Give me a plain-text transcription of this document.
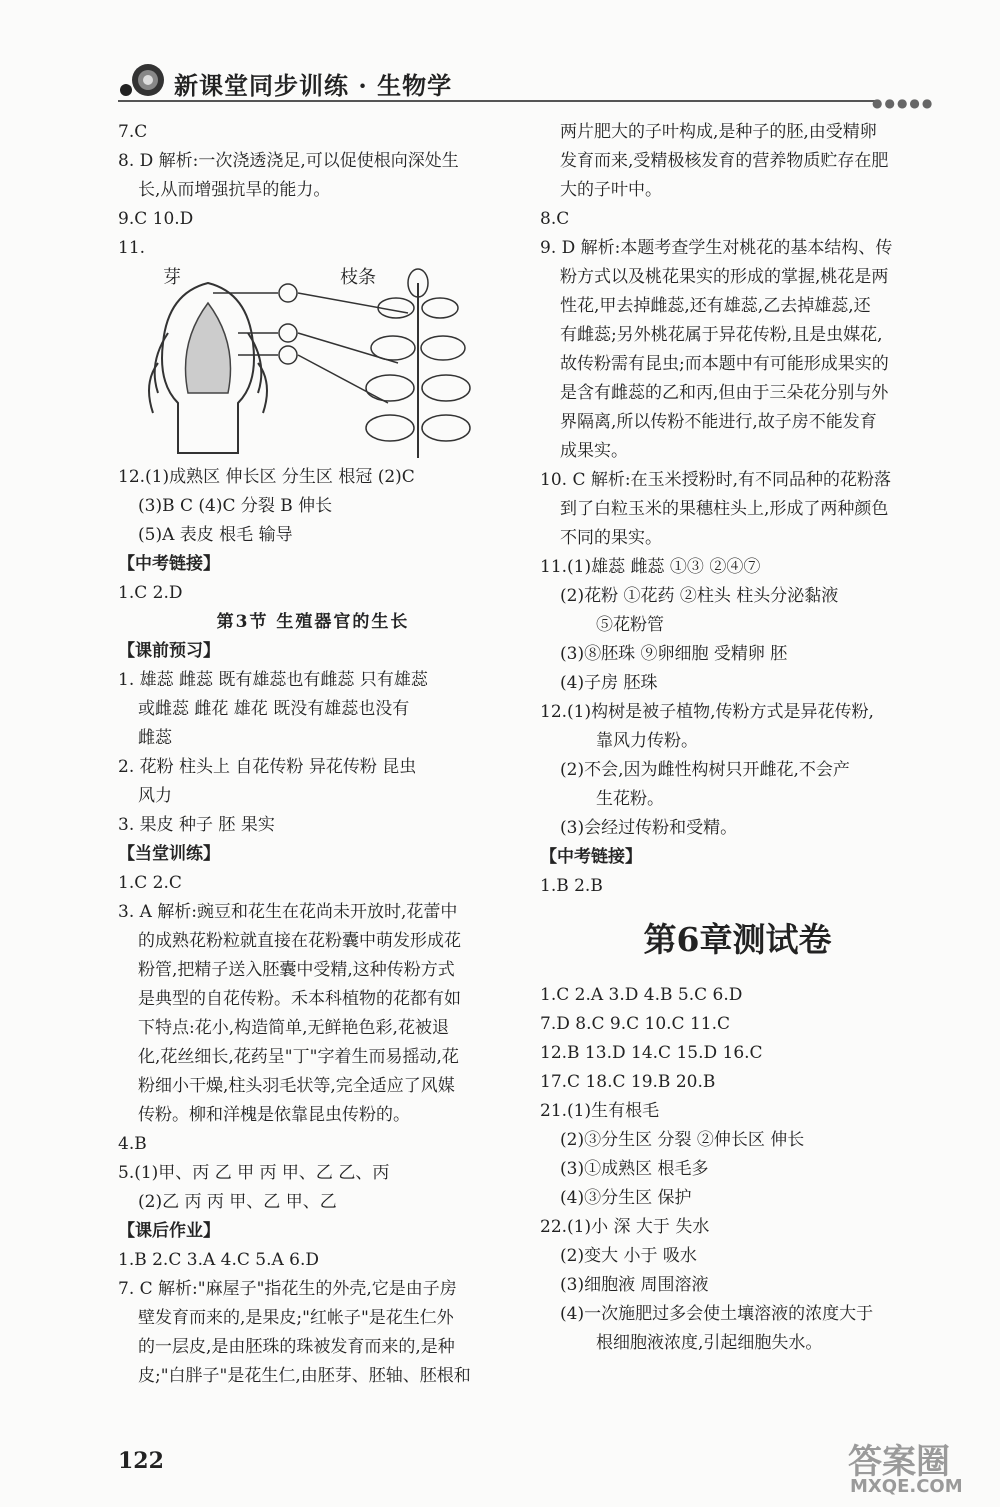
新课堂同步训练 · 生物学
●●●●●
7.C
8. D 解析:一次浇透浇足,可以促使根向深处生
长,从而增强抗旱的能力。
9.C 10.D
11.
芽	枝条
12.(1)成熟区 伸长区 分生区 根冠 (2)C
(3)B C (4)C 分裂 B 伸长
(5)A 表皮 根毛 输导
【中考链接】
1.C 2.D
第3节 生殖器官的生长
【课前预习】
1. 雄蕊 雌蕊 既有雄蕊也有雌蕊 只有雄蕊
或雌蕊 雌花 雄花 既没有雄蕊也没有
雌蕊
2. 花粉 柱头上 自花传粉 异花传粉 昆虫
风力
3. 果皮 种子 胚 果实
【当堂训练】
1.C 2.C
3. A 解析:豌豆和花生在花尚未开放时,花蕾中
的成熟花粉粒就直接在花粉囊中萌发形成花
粉管,把精子送入胚囊中受精,这种传粉方式
是典型的自花传粉。禾本科植物的花都有如
下特点:花小,构造简单,无鲜艳色彩,花被退
化,花丝细长,花药呈"丁"字着生而易摇动,花
粉细小干燥,柱头羽毛状等,完全适应了风媒
传粉。柳和洋槐是依靠昆虫传粉的。
4.B
5.(1)甲、丙 乙 甲 丙 甲、乙 乙、丙
(2)乙 丙 丙 甲、乙 甲、乙
【课后作业】
1.B 2.C 3.A 4.C 5.A 6.D
7. C 解析:"麻屋子"指花生的外壳,它是由子房
壁发育而来的,是果皮;"红帐子"是花生仁外
的一层皮,是由胚珠的珠被发育而来的,是种
皮;"白胖子"是花生仁,由胚芽、胚轴、胚根和
两片肥大的子叶构成,是种子的胚,由受精卵
发育而来,受精极核发育的营养物质贮存在肥
大的子叶中。
8.C
9. D 解析:本题考查学生对桃花的基本结构、传
粉方式以及桃花果实的形成的掌握,桃花是两
性花,甲去掉雌蕊,还有雄蕊,乙去掉雄蕊,还
有雌蕊;另外桃花属于异花传粉,且是虫媒花,
故传粉需有昆虫;而本题中有可能形成果实的
是含有雌蕊的乙和丙,但由于三朵花分别与外
界隔离,所以传粉不能进行,故子房不能发育
成果实。
10. C 解析:在玉米授粉时,有不同品种的花粉落
到了白粒玉米的果穗柱头上,形成了两种颜色
不同的果实。
11.(1)雄蕊 雌蕊 ①③ ②④⑦
(2)花粉 ①花药 ②柱头 柱头分泌黏液
⑤花粉管
(3)⑧胚珠 ⑨卵细胞 受精卵 胚
(4)子房 胚珠
12.(1)构树是被子植物,传粉方式是异花传粉,
靠风力传粉。
(2)不会,因为雌性构树只开雌花,不会产
生花粉。
(3)会经过传粉和受精。
【中考链接】
1.B 2.B
第6章测试卷
1.C 2.A 3.D 4.B 5.C 6.D
7.D 8.C 9.C 10.C 11.C
12.B 13.D 14.C 15.D 16.C
17.C 18.C 19.B 20.B
21.(1)生有根毛
(2)③分生区 分裂 ②伸长区 伸长
(3)①成熟区 根毛多
(4)③分生区 保护
22.(1)小 深 大于 失水
(2)变大 小于 吸水
(3)细胞液 周围溶液
(4)一次施肥过多会使土壤溶液的浓度大于
根细胞液浓度,引起细胞失水。
122	答案圈
MXQE.COM
